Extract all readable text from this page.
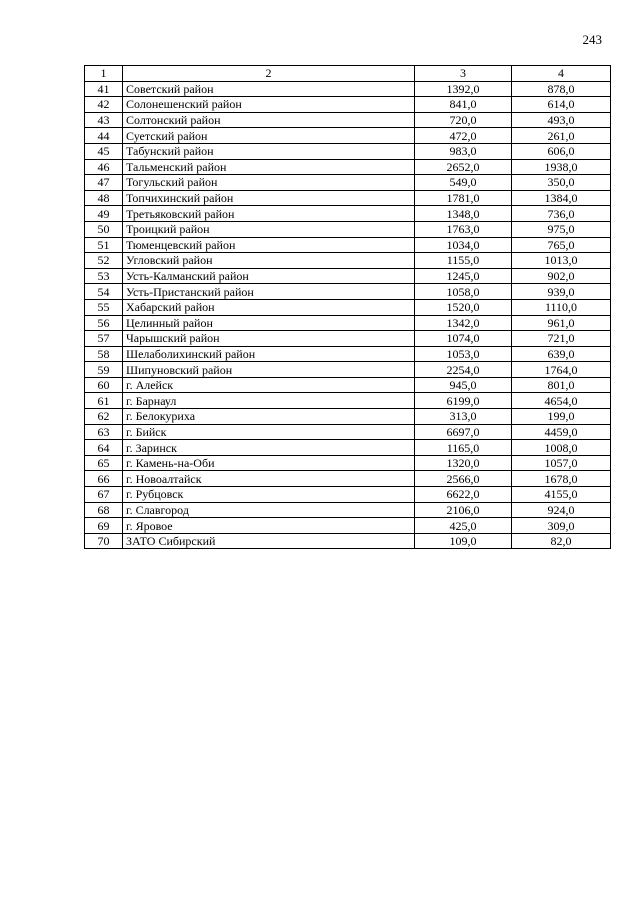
243
1	2	3	4
41	Советский район	1392,0	878,0
42	Солонешенский район	841,0	614,0
43	Солтонский район	720,0	493,0
44	Суетский район	472,0	261,0
45	Табунский район	983,0	606,0
46	Тальменский район	2652,0	1938,0
47	Тогульский район	549,0	350,0
48	Топчихинский район	1781,0	1384,0
49	Третьяковский район	1348,0	736,0
50	Троицкий район	1763,0	975,0
51	Тюменцевский район	1034,0	765,0
52	Угловский район	1155,0	1013,0
53	Усть-Калманский район	1245,0	902,0
54	Усть-Пристанский район	1058,0	939,0
55	Хабарский район	1520,0	1110,0
56	Целинный район	1342,0	961,0
57	Чарышский район	1074,0	721,0
58	Шелаболихинский район	1053,0	639,0
59	Шипуновский район	2254,0	1764,0
60	г. Алейск	945,0	801,0
61	г. Барнаул	6199,0	4654,0
62	г. Белокуриха	313,0	199,0
63	г. Бийск	6697,0	4459,0
64	г. Заринск	1165,0	1008,0
65	г. Камень-на-Оби	1320,0	1057,0
66	г. Новоалтайск	2566,0	1678,0
67	г. Рубцовск	6622,0	4155,0
68	г. Славгород	2106,0	924,0
69	г. Яровое	425,0	309,0
70	ЗАТО Сибирский	109,0	82,0
